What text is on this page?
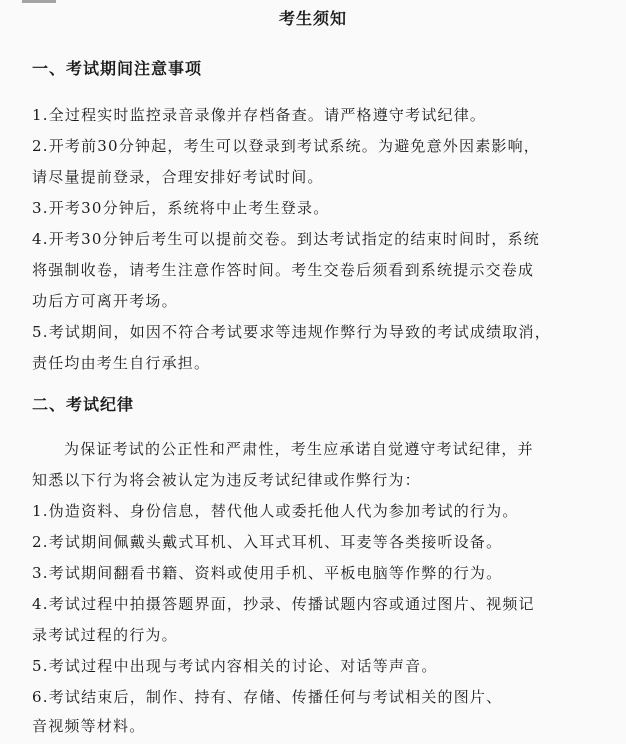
考生须知
一、考试期间注意事项
1.全过程实时监控录音录像并存档备查。请严格遵守考试纪律。
2.开考前30分钟起，考生可以登录到考试系统。为避免意外因素影响，
请尽量提前登录，合理安排好考试时间。
3.开考30分钟后，系统将中止考生登录。
4.开考30分钟后考生可以提前交卷。到达考试指定的结束时间时，系统
将强制收卷，请考生注意作答时间。考生交卷后须看到系统提示交卷成
功后方可离开考场。
5.考试期间，如因不符合考试要求等违规作弊行为导致的考试成绩取消，
责任均由考生自行承担。
二、考试纪律
为保证考试的公正性和严肃性，考生应承诺自觉遵守考试纪律，并
知悉以下行为将会被认定为违反考试纪律或作弊行为：
1.伪造资料、身份信息，替代他人或委托他人代为参加考试的行为。
2.考试期间佩戴头戴式耳机、入耳式耳机、耳麦等各类接听设备。
3.考试期间翻看书籍、资料或使用手机、平板电脑等作弊的行为。
4.考试过程中拍摄答题界面，抄录、传播试题内容或通过图片、视频记
录考试过程的行为。
5.考试过程中出现与考试内容相关的讨论、对话等声音。
6.考试结束后，制作、持有、存储、传播任何与考试相关的图片、
音视频等材料。
